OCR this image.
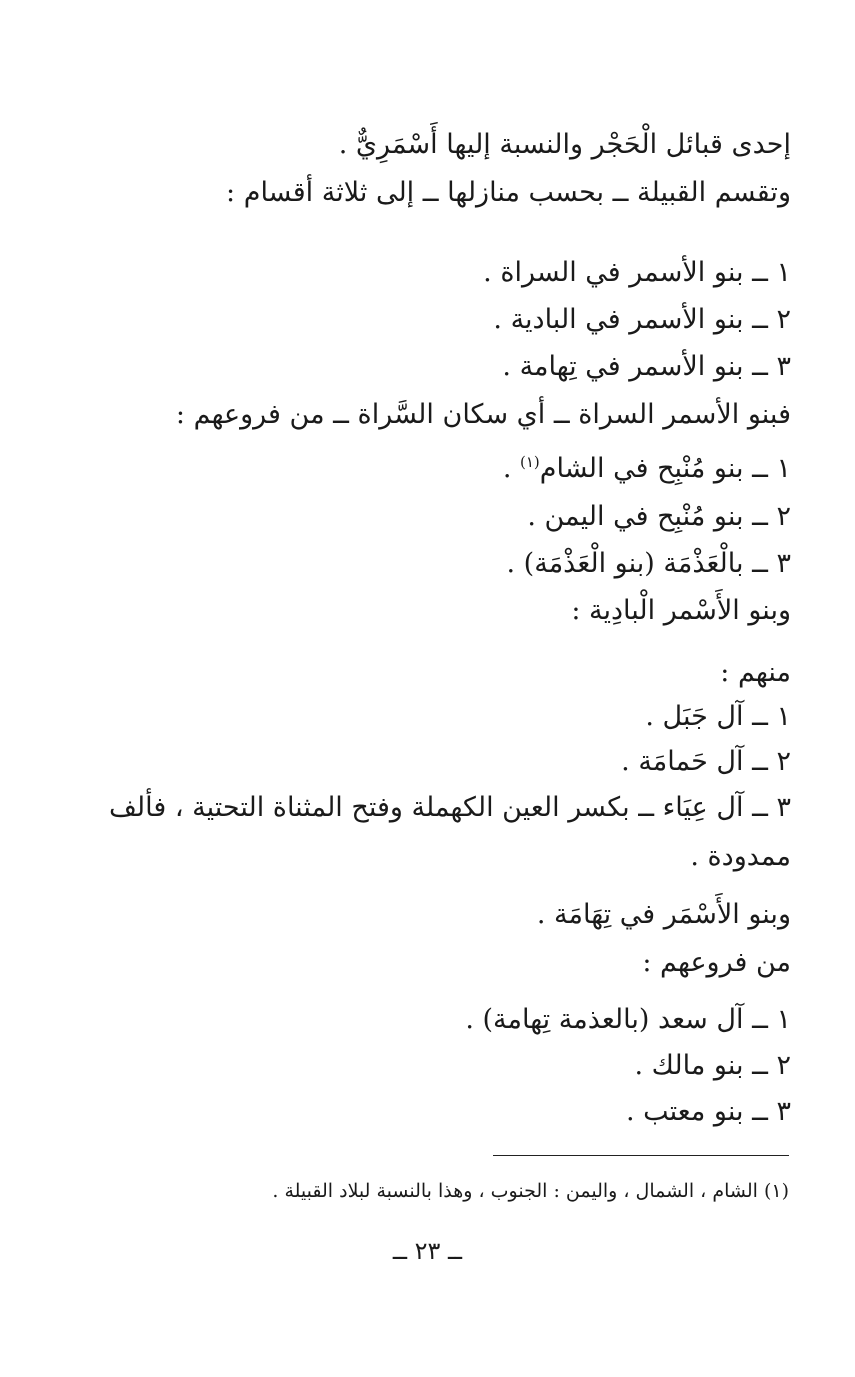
إحدى قبائل الْحَجْر والنسبة إليها أَسْمَرِيٌّ .
وتقسم القبيلة ــ بحسب منازلها ــ إلى ثلاثة أقسام :
١ ــ بنو الأسمر في السراة .
٢ ــ بنو الأسمر في البادية .
٣ ــ بنو الأسمر في تِهامة .
فبنو الأسمر السراة ــ أي سكان السَّراة ــ من فروعهم :
١ ــ بنو مُنْبِح في الشام$^{(١)}$ .
٢ ــ بنو مُنْبِح في اليمن .
٣ ــ بالْعَذْمَة (بنو الْعَذْمَة) .
وبنو الأَسْمر الْبادِية :
منهم :
١ ــ آل جَبَل .
٢ ــ آل حَمامَة .
٣ ــ آل عِيَاء ــ بكسر العين الكهملة وفتح المثناة التحتية ، فألف
ممدودة .
وبنو الأَسْمَر في تِهَامَة .
من فروعهم :
١ ــ آل سعد (بالعذمة تِهامة) .
٢ ــ بنو مالك .
٣ ــ بنو معتب .
(١) الشام ، الشمال ، واليمن : الجنوب ، وهذا بالنسبة لبلاد القبيلة .
ــ ٢٣ ــ
